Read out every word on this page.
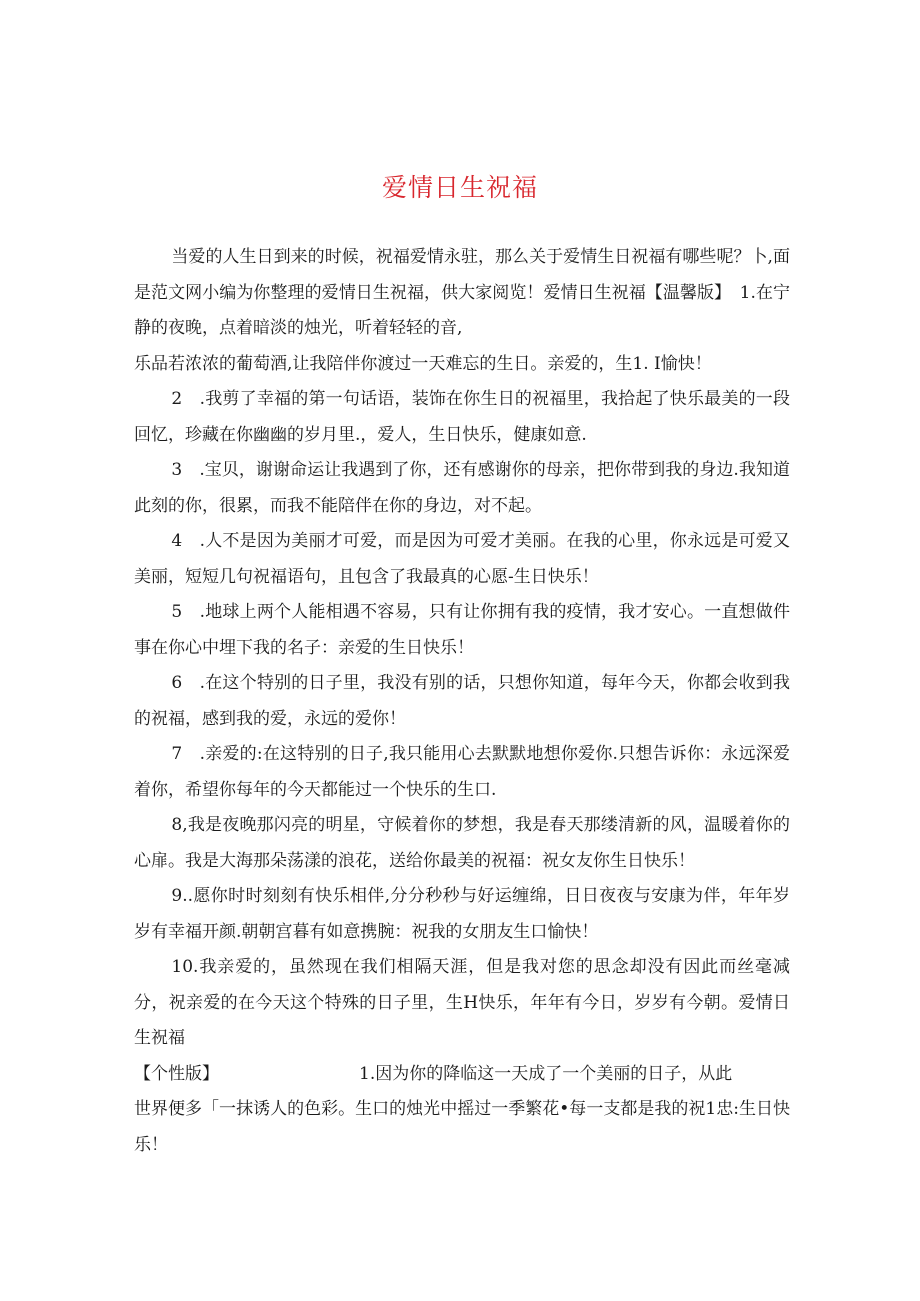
爱情日生祝福

当爱的人生日到来的时候，祝福爱情永驻，那么关于爱情生日祝福有哪些呢？卜,面是范文网小编为你整理的爱情日生祝福，供大家阅览！爱情日生祝福【温馨版】　1.在宁静的夜晚，点着暗淡的烛光，听着轻轻的音,

乐品若浓浓的葡萄酒,让我陪伴你渡过一天难忘的生日。亲爱的，生1. I愉快！

2　.我剪了幸福的第一句话语，装饰在你生日的祝福里，我拾起了快乐最美的一段回忆，珍藏在你幽幽的岁月里.，爱人，生日快乐，健康如意.

3　.宝贝，谢谢命运让我遇到了你，还有感谢你的母亲，把你带到我的身边.我知道此刻的你，很累，而我不能陪伴在你的身边，对不起。

4　.人不是因为美丽才可爱，而是因为可爱才美丽。在我的心里，你永远是可爱又美丽，短短几句祝福语句，且包含了我最真的心愿-生日快乐！

5　.地球上两个人能相遇不容易，只有让你拥有我的疫情，我才安心。一直想做件事在你心中埋下我的名子：亲爱的生日快乐！

6　.在这个特别的日子里，我没有别的话，只想你知道，每年今天，你都会收到我的祝福，感到我的爱，永远的爱你！

7　.亲爱的:在这特别的日子,我只能用心去默默地想你爱你.只想告诉你：永远深爱着你，希望你每年的今天都能过一个快乐的生口.

8,我是夜晚那闪亮的明星，守候着你的梦想，我是春天那缕清新的风，温暖着你的心扉。我是大海那朵荡漾的浪花，送给你最美的祝福：祝女友你生日快乐！

9..愿你时时刻刻有快乐相伴,分分秒秒与好运缠绵，日日夜夜与安康为伴，年年岁岁有幸福开颜.朝朝宫暮有如意携腕：祝我的女朋友生口愉快！

10.我亲爱的，虽然现在我们相隔天涯，但是我对您的思念却没有因此而丝毫减分，祝亲爱的在今天这个特殊的日子里，生H快乐，年年有今日，岁岁有今朝。爱情日生祝福

【个性版】	1.因为你的降临这一天成了一个美丽的日子，从此

世界便多「一抹诱人的色彩。生口的烛光中摇过一季繁花•每一支都是我的祝1忠:生日快乐！
